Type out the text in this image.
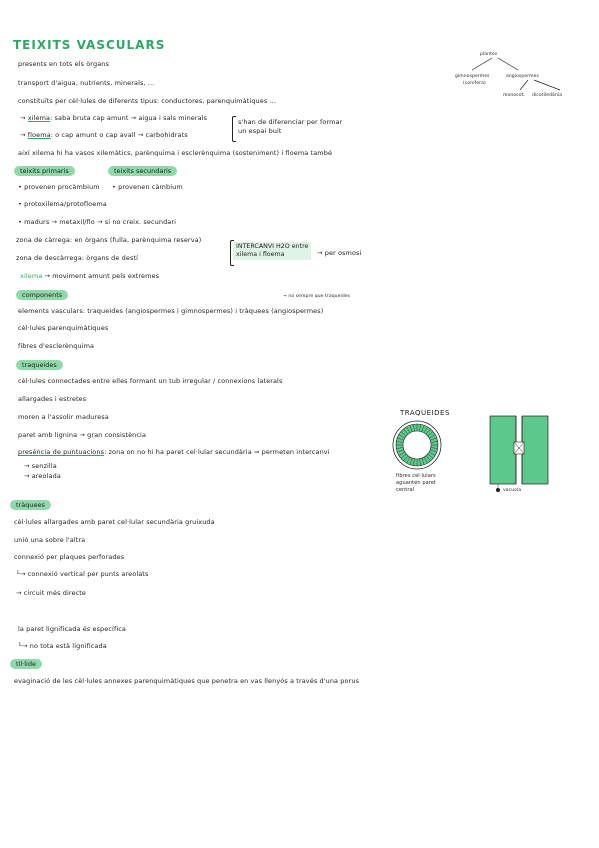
TEIXITS VASCULARS
presents en tots els òrgans
transport d'aigua, nutrients, minerals, ...
constituïts per cèl·lules de diferents tipus: conductores, parenquimàtiques ...
→ xilema: saba bruta cap amunt → aigua i sals minerals
→ floema: o cap amunt o cap avall → carbohidrats
s'han de diferenciar per formar
un espai buit
així xilema hi ha vasos xilemàtics, parènquima i esclerènquima (sosteniment) i floema també
teixits primaris	teixits secundaris
• provenen procàmbium • provenen càmbium
• protoxilema/protofloema
• madurs → metaxil/flo → si no creix. secundari
zona de càrrega: en òrgans (fulla, parènquima reserva)
zona de descàrrega: òrgans de destí
INTERCANVI H2O entre
xilema i floema	→ per osmosi
xilema → moviment amunt pels extremes
components	→ no sempre que traqueides
elements vasculars: traqueides (angiospermes i gimnospermes) i tràquees (angiospermes)
cèl·lules parenquimàtiques
fibres d'esclerènquima
traqueides
cèl·lules connectades entre elles formant un tub irregular / connexions laterals
allargades i estretes
moren a l'assolir maduresa
paret amb lignina → gran consistència
presència de puntuacions: zona on no hi ha paret cel·lular secundària ⇒ permeten intercanvi
→ senzilla
→ areolada
tràquees
cèl·lules allargades amb paret cel·lular secundària gruixuda
unió una sobre l'altra
connexió per plaques perforades
└→ connexió vertical per punts areolats
→ circuit més directe
la paret lignificada és específica
└→ no tota està lignificada
tíl·lide
evaginació de les cèl·lules annexes parenquimàtiques que penetra en vas llenyós a través d'una porus
plantes
gimnospermes
(conífera)
angiospermes
monocot. dicotiledònia
TRAQUEIDES
fibres cel·lulars
aguanten paret
central	vacuola
